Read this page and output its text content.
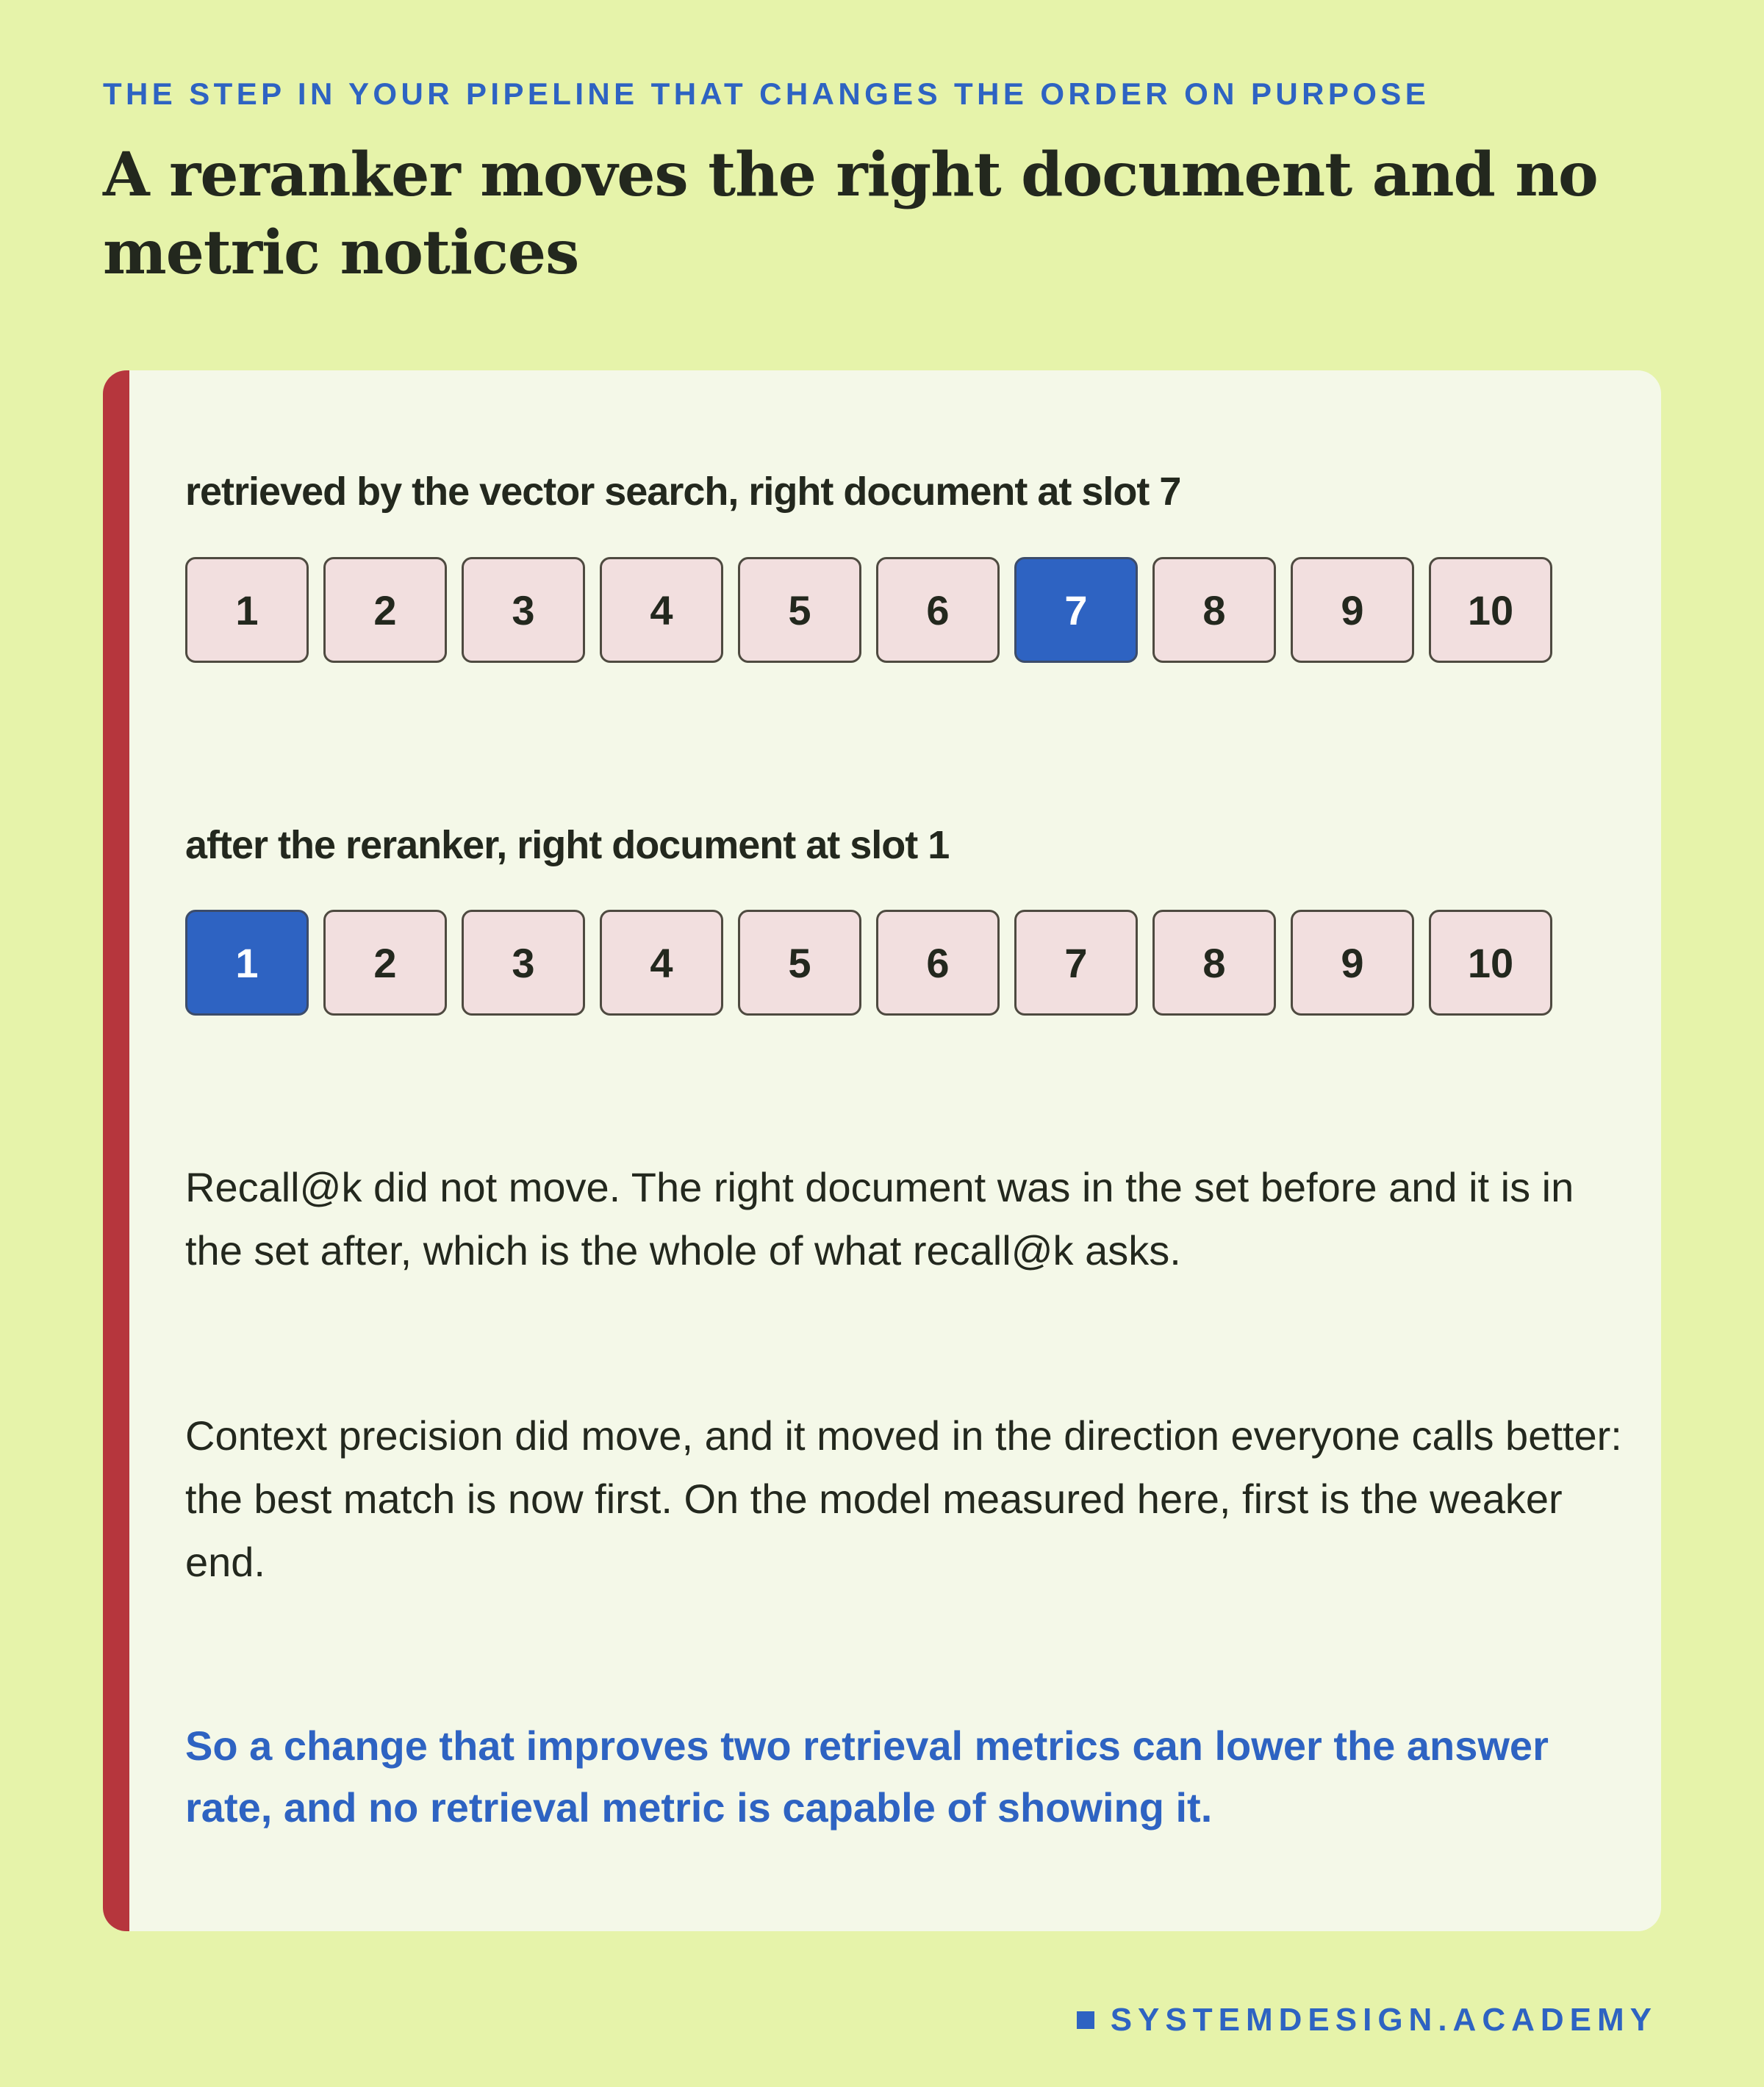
THE STEP IN YOUR PIPELINE THAT CHANGES THE ORDER ON PURPOSE
A reranker moves the right document and no metric notices
retrieved by the vector search, right document at slot 7
1	2	3	4	5	6	7	8	9	10
after the reranker, right document at slot 1
1	2	3	4	5	6	7	8	9	10

Recall@k did not move. The right document was in the set before and it is in the set after, which is the whole of what recall@k asks.

Context precision did move, and it moved in the direction everyone calls better: the best match is now first. On the model measured here, first is the weaker end.

So a change that improves two retrieval metrics can lower the answer rate, and no retrieval metric is capable of showing it.

SYSTEMDESIGN.ACADEMY
